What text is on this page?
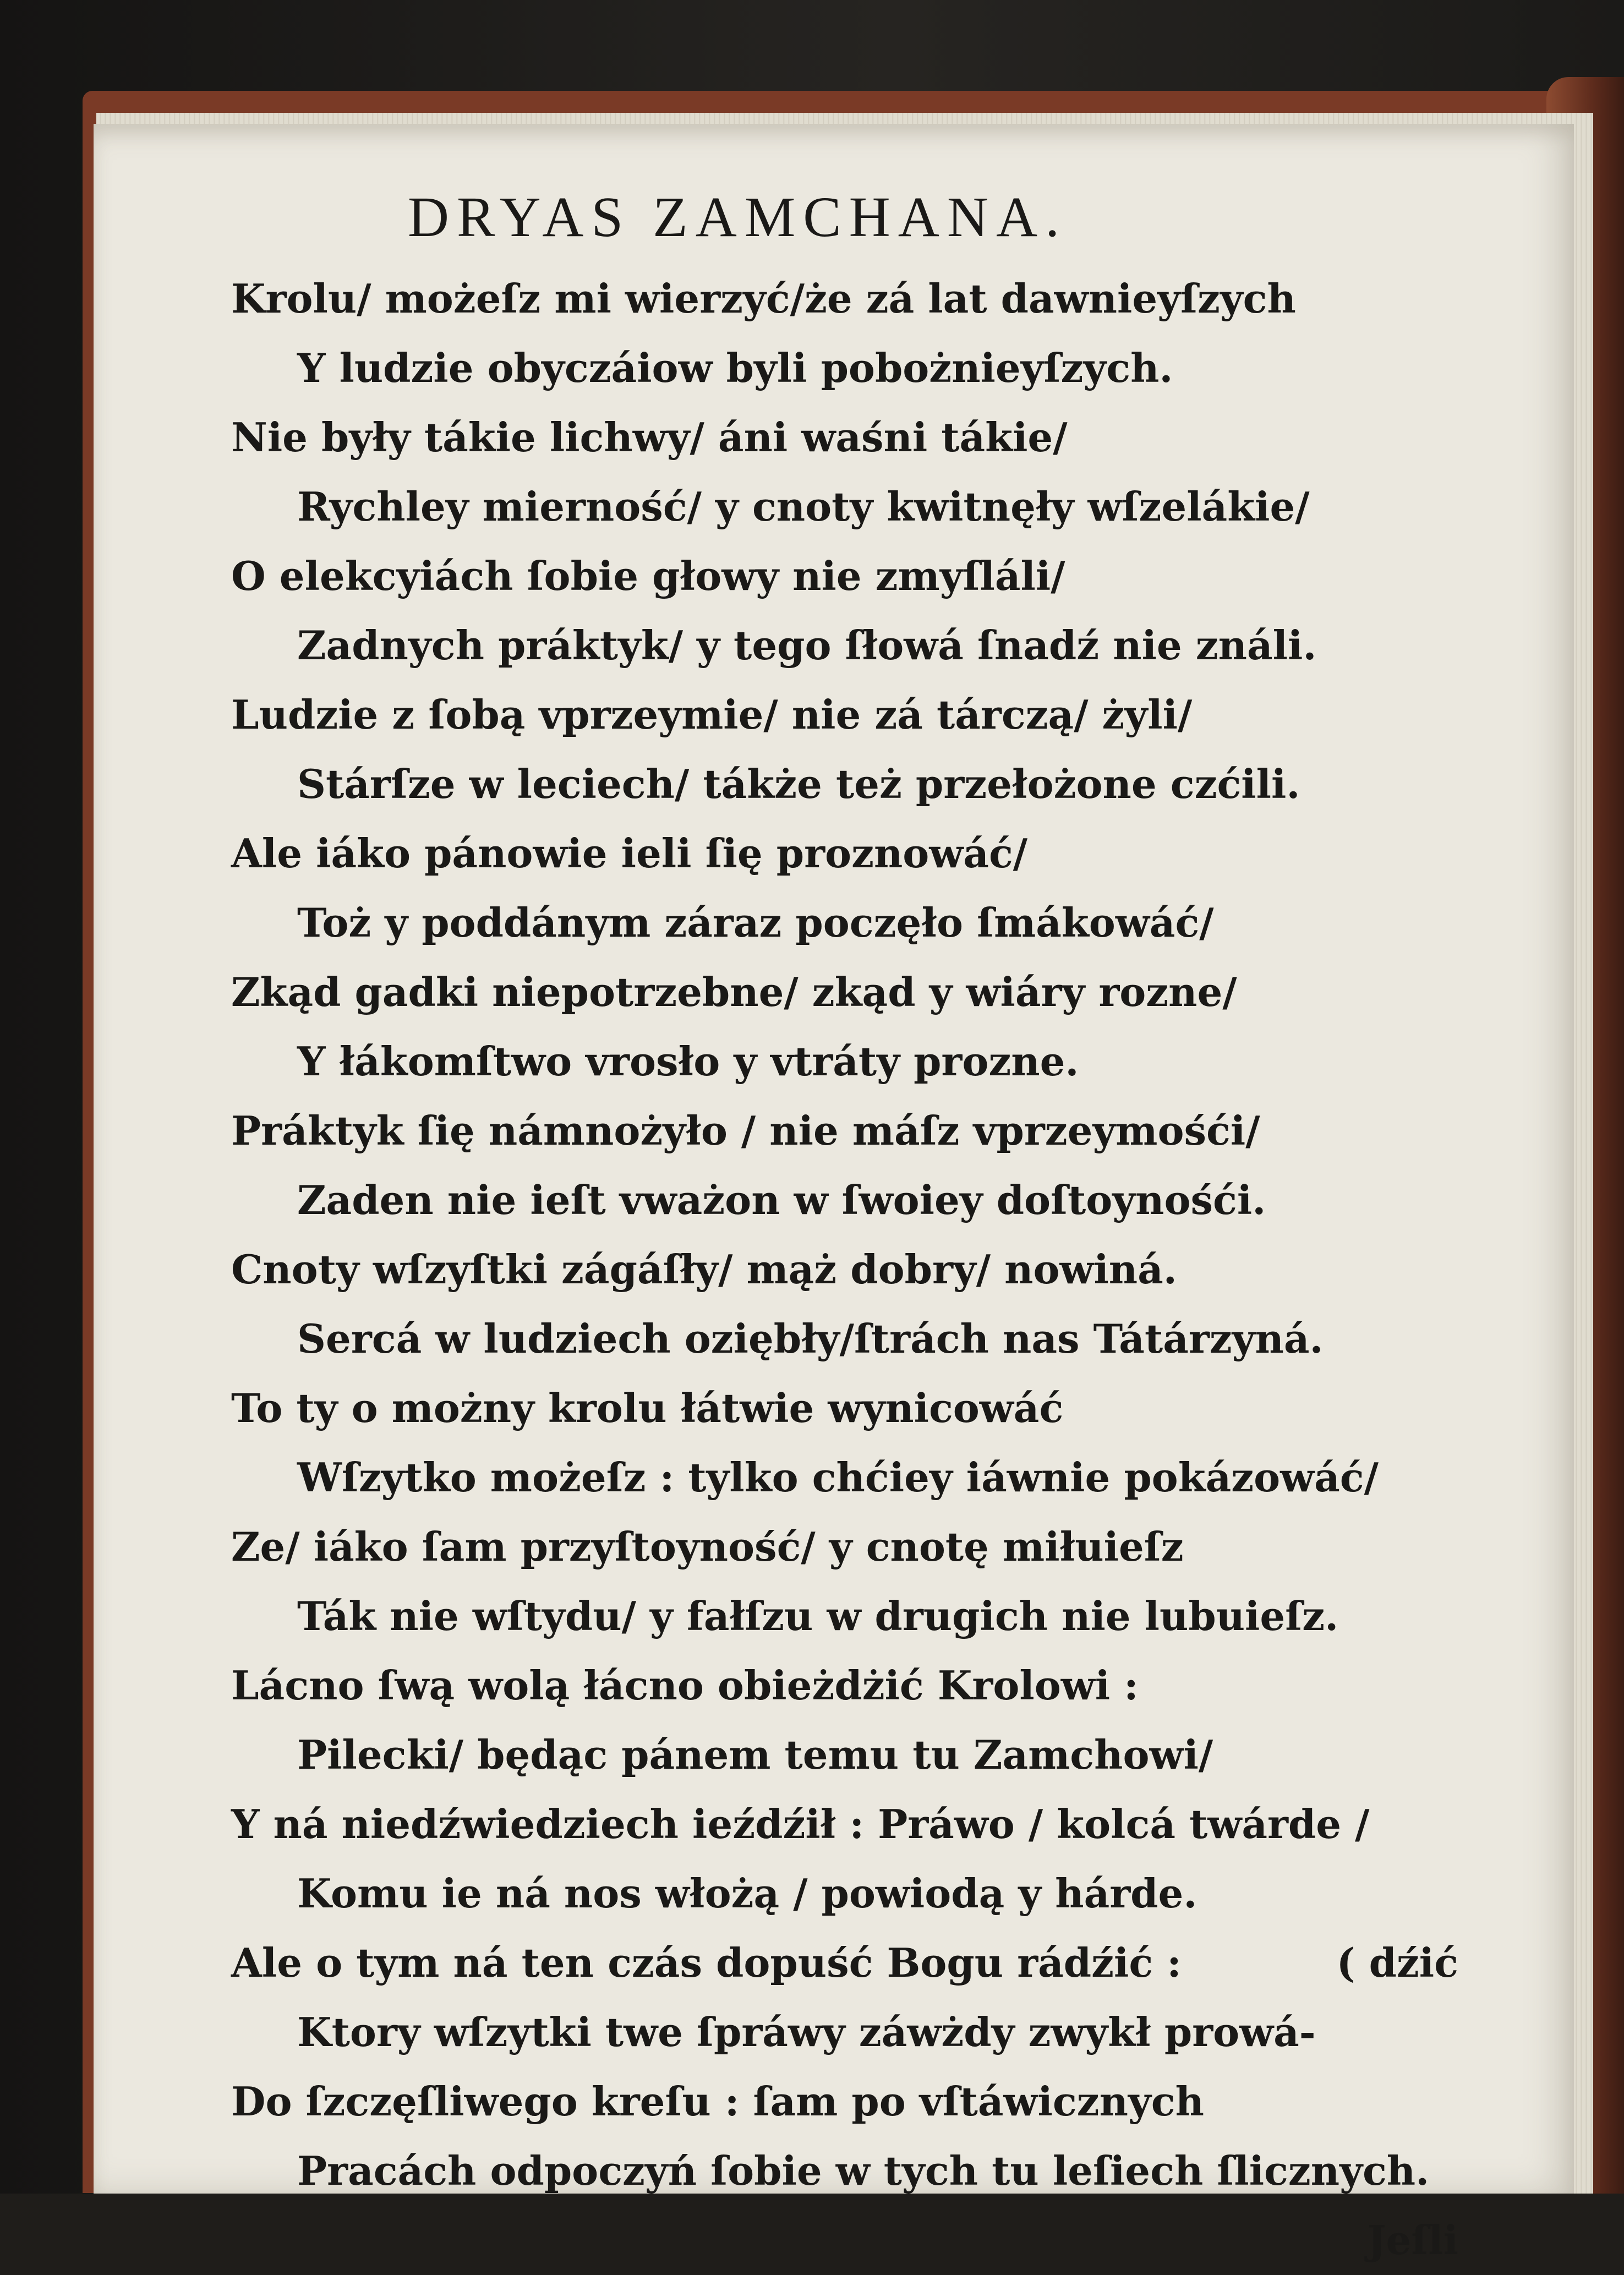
DRYAS ZAMCHANA.
Krolu/ możeſz mi wierzyć/że zá lat dawnieyſzych
Y ludzie obyczáiow byli pobożnieyſzych.
Nie były tákie lichwy/ áni waśni tákie/
Rychley mierność/ y cnoty kwitnęły wſzelákie/
O elekcyiách ſobie głowy nie zmyſláli/
Zadnych práktyk/ y tego ſłowá ſnadź nie ználi.
Ludzie z ſobą vprzeymie/ nie zá tárczą/ żyli/
Stárſze w leciech/ tákże też przełożone czćili.
Ale iáko pánowie ieli ſię proznowáć/
Toż y poddánym záraz poczęło ſmákowáć/
Zkąd gadki niepotrzebne/ zkąd y wiáry rozne/
Y łákomſtwo vrosło y vtráty prozne.
Práktyk ſię námnożyło / nie máſz vprzeymośći/
Zaden nie ieſt vważon w ſwoiey doſtoynośći.
Cnoty wſzyſtki zágáſły/ mąż dobry/ nowiná.
Sercá w ludziech oziębły/ſtrách nas Tátárzyná.
To ty o możny krolu łátwie wynicowáć
Wſzytko możeſz : tylko chćiey iáwnie pokázowáć/
Ze/ iáko ſam przyſtoyność/ y cnotę miłuieſz
Ták nie wſtydu/ y fałſzu w drugich nie lubuieſz.
Lácno ſwą wolą łácno obieżdżić Krolowi :
Pilecki/ będąc pánem temu tu Zamchowi/
Y ná niedźwiedziech ieźdźił : Práwo / kolcá twárde /
Komu ie ná nos włożą / powiodą y hárde.
Ale o tym ná ten czás dopuść Bogu rádźić :	( dźić
Ktory wſzytki twe ſpráwy záwżdy zwykł prowá-
Do ſzczęſliwego kreſu : ſam po vſtáwicznych
Pracách odpoczyń ſobie w tych tu leſiech ſlicznych.
Jeſli
